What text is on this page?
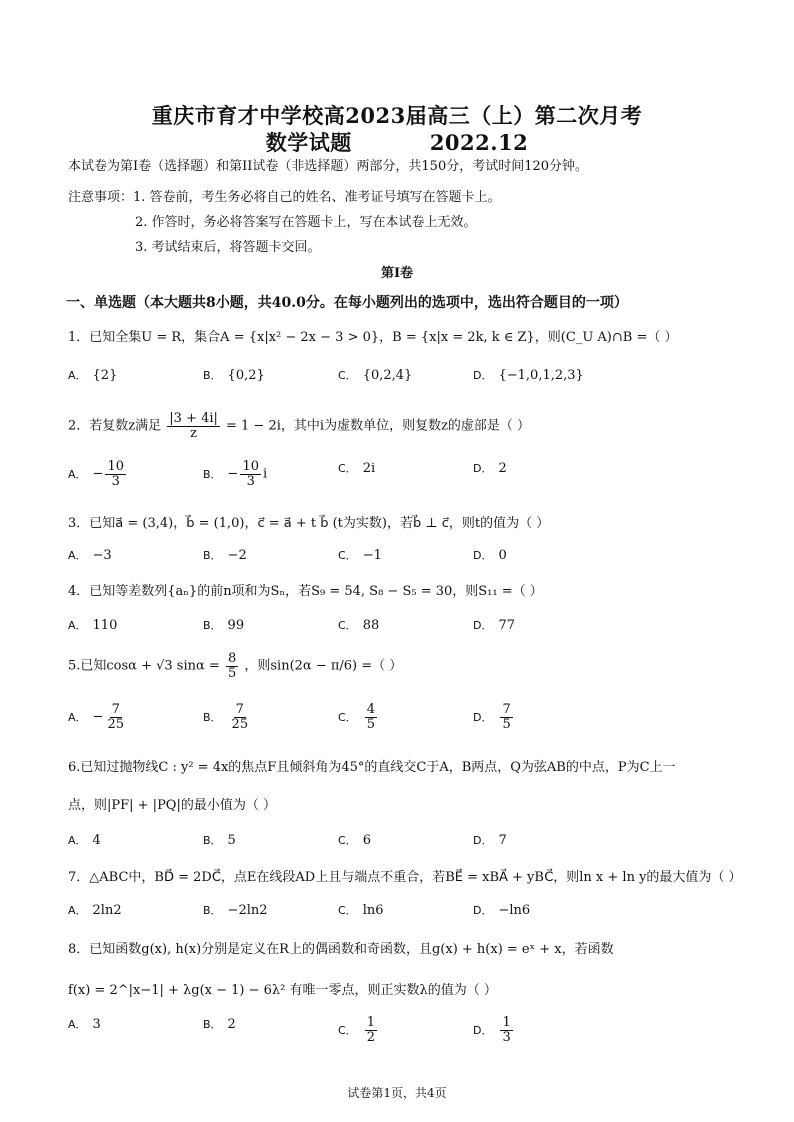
重庆市育才中学校高2023届高三（上）第二次月考
数学试题          2022.12
本试卷为第I卷（选择题）和第II试卷（非选择题）两部分，共150分，考试时间120分钟。
注意事项：1. 答卷前，考生务必将自己的姓名、准考证号填写在答题卡上。
2. 作答时，务必将答案写在答题卡上，写在本试卷上无效。
3. 考试结束后，将答题卡交回。
第I卷
一、单选题（本大题共8小题，共40.0分。在每小题列出的选项中，选出符合题目的一项）
1．已知全集U = R，集合A = {x|x² − 2x − 3 > 0}，B = {x|x = 2k, k ∈ Z}，则(C_U A)∩B =（ ）
A． {2}	B． {0,2}	C． {0,2,4}	D． {−1,0,1,2,3}
2．若复数z满足 $\frac{|3 + 4i|}{z} = 1 - 2i$，其中i为虚数单位，则复数z的虚部是（ ）
A． − $\frac{10}{3}$	B． − $\frac{10}{3}$ i	C． 2i	D． 2
3．已知a⃗ = (3,4)，b⃗ = (1,0)，c⃗ = a⃗ + t b⃗ (t为实数)，若b⃗ ⊥ c⃗，则t的值为（ ）
A． −3	B． −2	C． −1	D． 0
4．已知等差数列{aₙ}的前n项和为Sₙ，若S₉ = 54, S₈ − S₅ = 30，则S₁₁ =（ ）
A． 110	B． 99	C． 88	D． 77
5.已知cosα + √3 $\sin\alpha = \frac{8}{5}$ ，则sin(2α − π/6) =（ ）
A． − $\frac{7}{25}$	B． $\frac{7}{25}$	C． $\frac{4}{5}$	D． $\frac{7}{5}$
6.已知过抛物线C : y² = 4x的焦点F且倾斜角为45°的直线交C于A，B两点，Q为弦AB的中点，P为C上一
点，则|PF| + |PQ|的最小值为（ ）
A． 4	B． 5	C． 6	D． 7
7．△ABC中，BD⃗ = 2DC⃗，点E在线段AD上且与端点不重合，若BE⃗ = xBA⃗ + yBC⃗，则ln x + ln y的最大值为（ ）
A． 2ln2	B． −2ln2	C． ln6	D． −ln6
8．已知函数g(x), h(x)分别是定义在R上的偶函数和奇函数，且g(x) + h(x) = eˣ + x，若函数
f(x) = 2^|x−1| + λg(x − 1) − 6λ² 有唯一零点，则正实数λ的值为（ ）
A． 3	B． 2	C． $\frac{1}{2}$	D． $\frac{1}{3}$
试卷第1页，共4页
